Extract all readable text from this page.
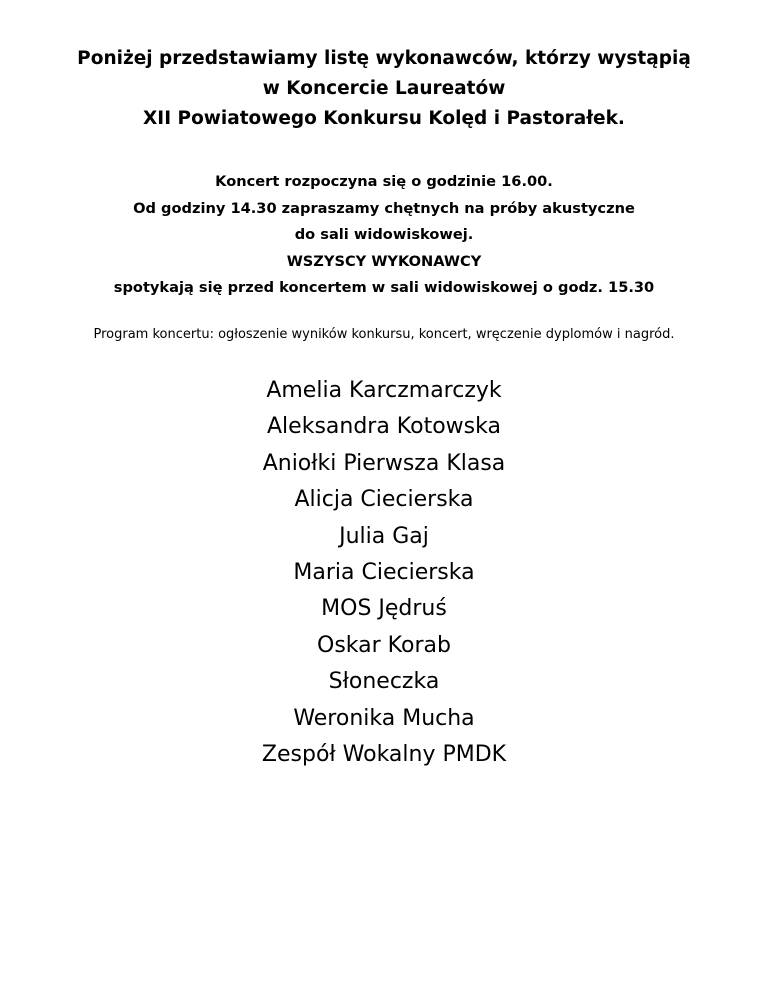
Poniżej przedstawiamy listę wykonawców, którzy wystąpią
w Koncercie Laureatów
XII Powiatowego Konkursu Kolęd i Pastorałek.
Koncert rozpoczyna się o godzinie 16.00.
Od godziny 14.30 zapraszamy chętnych na próby akustyczne
do sali widowiskowej.
WSZYSCY WYKONAWCY
spotykają się przed koncertem w sali widowiskowej o godz. 15.30
Program koncertu: ogłoszenie wyników konkursu, koncert, wręczenie dyplomów i nagród.
Amelia Karczmarczyk
Aleksandra Kotowska
Aniołki Pierwsza Klasa
Alicja Ciecierska
Julia Gaj
Maria Ciecierska
MOS Jędruś
Oskar Korab
Słoneczka
Weronika Mucha
Zespół Wokalny PMDK
